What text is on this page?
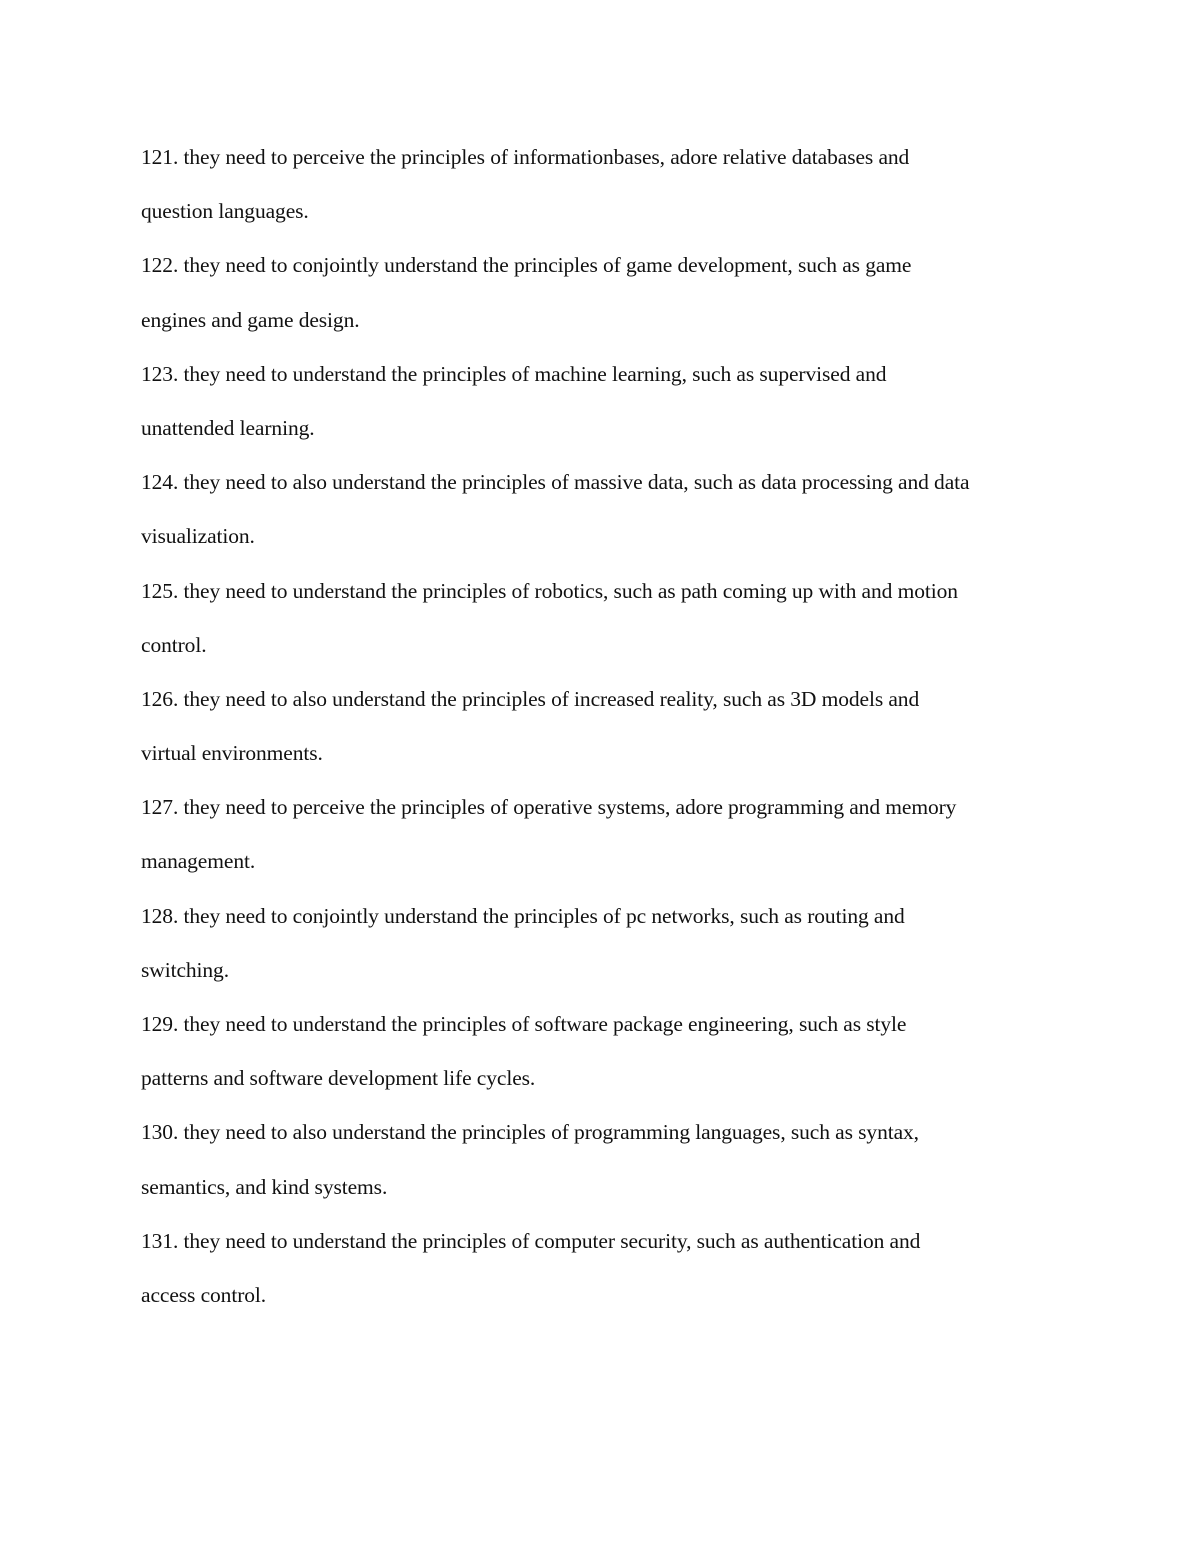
121. they need to perceive the principles of informationbases, adore relative databases and
question languages.

122. they need to conjointly understand the principles of game development, such as game
engines and game design.

123. they need to understand the principles of machine learning, such as supervised and
unattended learning.

124. they need to also understand the principles of massive data, such as data processing and data
visualization.

125. they need to understand the principles of robotics, such as path coming up with and motion
control.

126. they need to also understand the principles of increased reality, such as 3D models and
virtual environments.

127. they need to perceive the principles of operative systems, adore programming and memory
management.

128. they need to conjointly understand the principles of pc networks, such as routing and
switching.

129. they need to understand the principles of software package engineering, such as style
patterns and software development life cycles.

130. they need to also understand the principles of programming languages, such as syntax,
semantics, and kind systems.

131. they need to understand the principles of computer security, such as authentication and
access control.
